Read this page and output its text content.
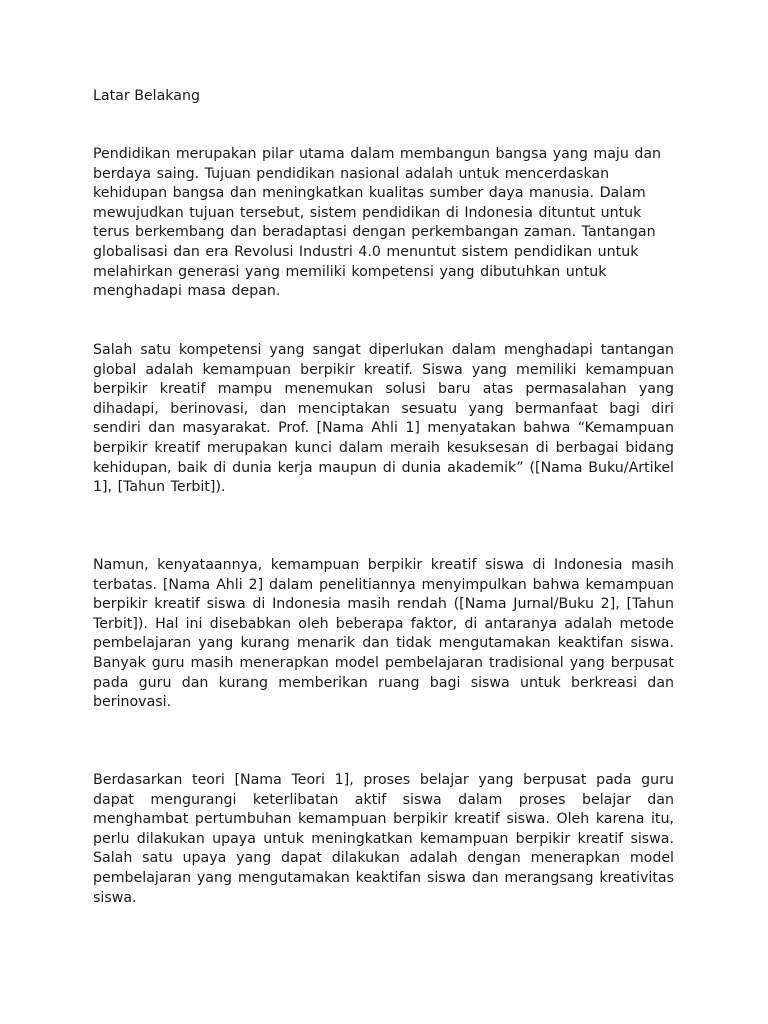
Latar Belakang

Pendidikan merupakan pilar utama dalam membangun bangsa yang maju dan berdaya saing. Tujuan pendidikan nasional adalah untuk mencerdaskan kehidupan bangsa dan meningkatkan kualitas sumber daya manusia. Dalam mewujudkan tujuan tersebut, sistem pendidikan di Indonesia dituntut untuk terus berkembang dan beradaptasi dengan perkembangan zaman. Tantangan globalisasi dan era Revolusi Industri 4.0 menuntut sistem pendidikan untuk melahirkan generasi yang memiliki kompetensi yang dibutuhkan untuk menghadapi masa depan.

Salah satu kompetensi yang sangat diperlukan dalam menghadapi tantangan global adalah kemampuan berpikir kreatif. Siswa yang memiliki kemampuan berpikir kreatif mampu menemukan solusi baru atas permasalahan yang dihadapi, berinovasi, dan menciptakan sesuatu yang bermanfaat bagi diri sendiri dan masyarakat. Prof. [Nama Ahli 1] menyatakan bahwa “Kemampuan berpikir kreatif merupakan kunci dalam meraih kesuksesan di berbagai bidang kehidupan, baik di dunia kerja maupun di dunia akademik” ([Nama Buku/Artikel 1], [Tahun Terbit]).

Namun, kenyataannya, kemampuan berpikir kreatif siswa di Indonesia masih terbatas. [Nama Ahli 2] dalam penelitiannya menyimpulkan bahwa kemampuan berpikir kreatif siswa di Indonesia masih rendah ([Nama Jurnal/Buku 2], [Tahun Terbit]). Hal ini disebabkan oleh beberapa faktor, di antaranya adalah metode pembelajaran yang kurang menarik dan tidak mengutamakan keaktifan siswa. Banyak guru masih menerapkan model pembelajaran tradisional yang berpusat pada guru dan kurang memberikan ruang bagi siswa untuk berkreasi dan berinovasi.

Berdasarkan teori [Nama Teori 1], proses belajar yang berpusat pada guru dapat mengurangi keterlibatan aktif siswa dalam proses belajar dan menghambat pertumbuhan kemampuan berpikir kreatif siswa. Oleh karena itu, perlu dilakukan upaya untuk meningkatkan kemampuan berpikir kreatif siswa. Salah satu upaya yang dapat dilakukan adalah dengan menerapkan model pembelajaran yang mengutamakan keaktifan siswa dan merangsang kreativitas siswa.
